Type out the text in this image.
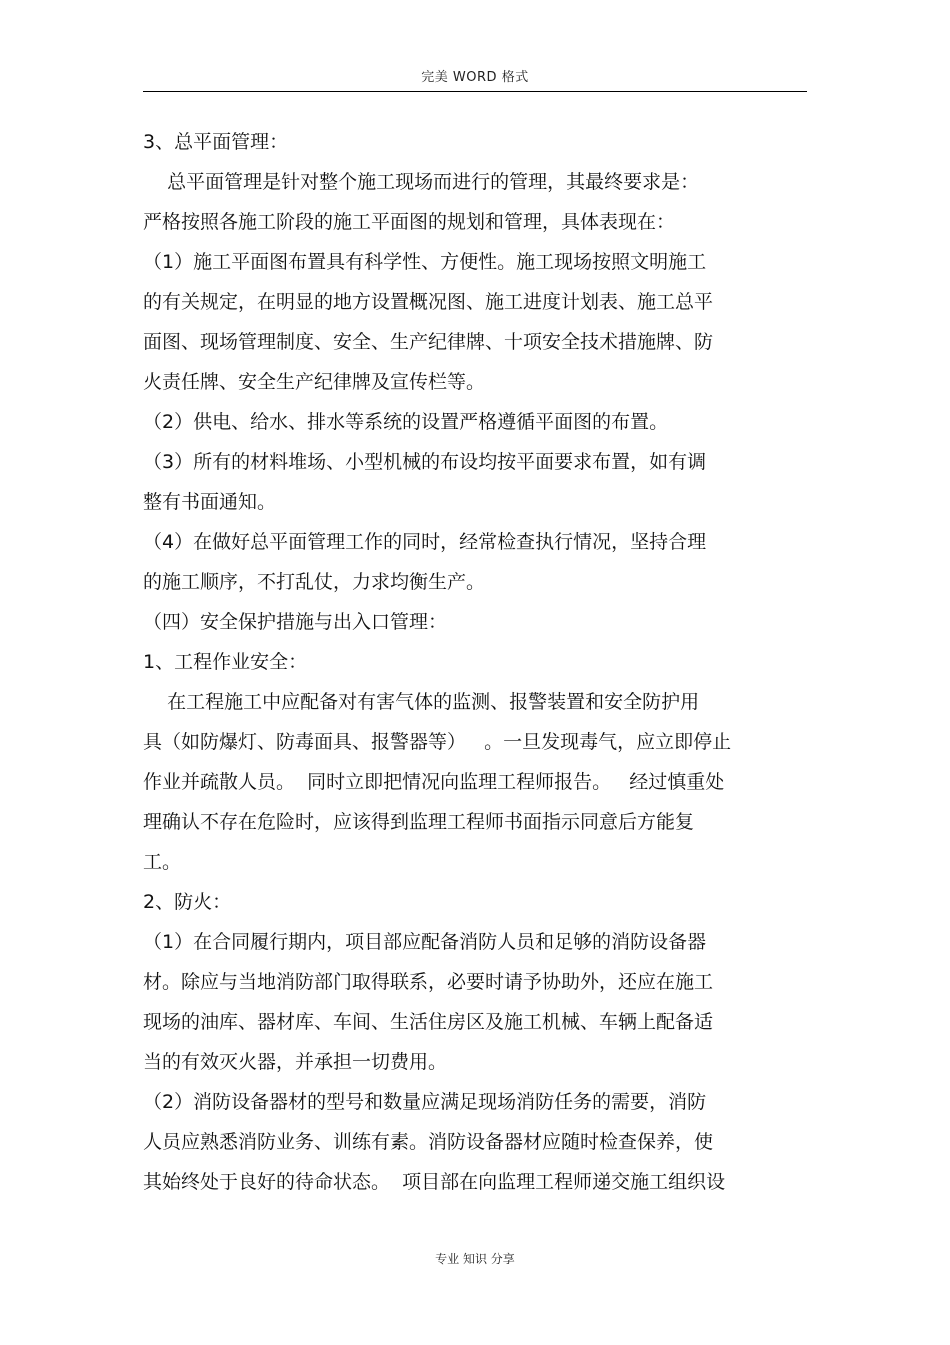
完美 WORD 格式
3、总平面管理：
总平面管理是针对整个施工现场而进行的管理，其最终要求是：
严格按照各施工阶段的施工平面图的规划和管理，具体表现在：
（1）施工平面图布置具有科学性、方便性。施工现场按照文明施工
的有关规定，在明显的地方设置概况图、施工进度计划表、施工总平
面图、现场管理制度、安全、生产纪律牌、十项安全技术措施牌、防
火责任牌、安全生产纪律牌及宣传栏等。
（2）供电、给水、排水等系统的设置严格遵循平面图的布置。
（3）所有的材料堆场、小型机械的布设均按平面要求布置，如有调
整有书面通知。
（4）在做好总平面管理工作的同时，经常检查执行情况，坚持合理
的施工顺序，不打乱仗，力求均衡生产。
（四）安全保护措施与出入口管理：
1、工程作业安全：
在工程施工中应配备对有害气体的监测、报警装置和安全防护用
具（如防爆灯、防毒面具、报警器等）   。一旦发现毒气，应立即停止
作业并疏散人员。  同时立即把情况向监理工程师报告。   经过慎重处
理确认不存在危险时，应该得到监理工程师书面指示同意后方能复
工。
2、防火：
（1）在合同履行期内，项目部应配备消防人员和足够的消防设备器
材。除应与当地消防部门取得联系，必要时请予协助外，还应在施工
现场的油库、器材库、车间、生活住房区及施工机械、车辆上配备适
当的有效灭火器，并承担一切费用。
（2）消防设备器材的型号和数量应满足现场消防任务的需要，消防
人员应熟悉消防业务、训练有素。消防设备器材应随时检查保养，使
其始终处于良好的待命状态。  项目部在向监理工程师递交施工组织设
专业 知识 分享
